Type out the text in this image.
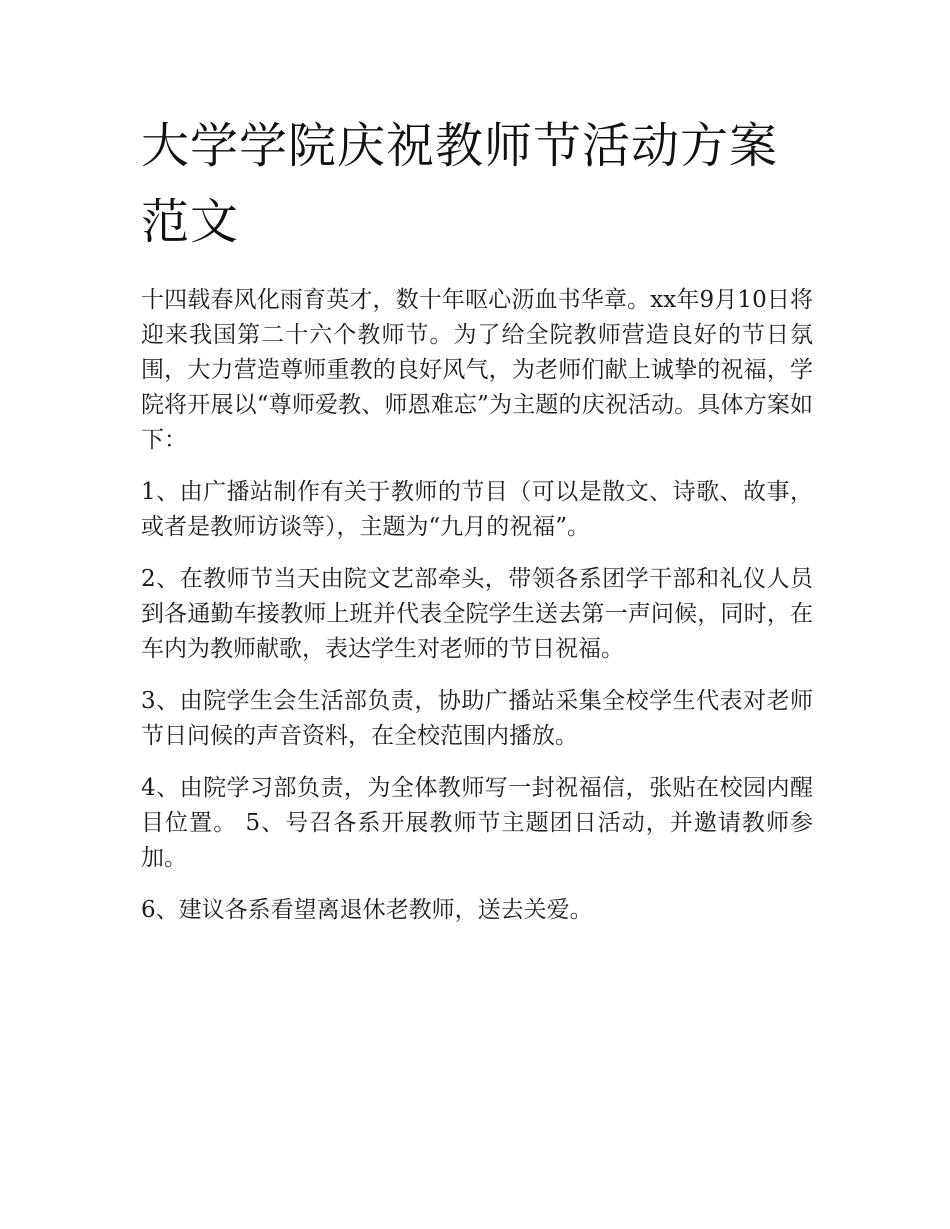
大学学院庆祝教师节活动方案范文

十四载春风化雨育英才，数十年呕心沥血书华章。xx年9月10日将迎来我国第二十六个教师节。为了给全院教师营造良好的节日氛围，大力营造尊师重教的良好风气，为老师们献上诚挚的祝福，学院将开展以“尊师爱教、师恩难忘”为主题的庆祝活动。具体方案如下：

1、由广播站制作有关于教师的节目（可以是散文、诗歌、故事，或者是教师访谈等），主题为“九月的祝福”。

2、在教师节当天由院文艺部牵头，带领各系团学干部和礼仪人员到各通勤车接教师上班并代表全院学生送去第一声问候，同时，在车内为教师献歌，表达学生对老师的节日祝福。

3、由院学生会生活部负责，协助广播站采集全校学生代表对老师节日问候的声音资料，在全校范围内播放。

4、由院学习部负责，为全体教师写一封祝福信，张贴在校园内醒目位置。 5、号召各系开展教师节主题团日活动，并邀请教师参加。

6、建议各系看望离退休老教师，送去关爱。
